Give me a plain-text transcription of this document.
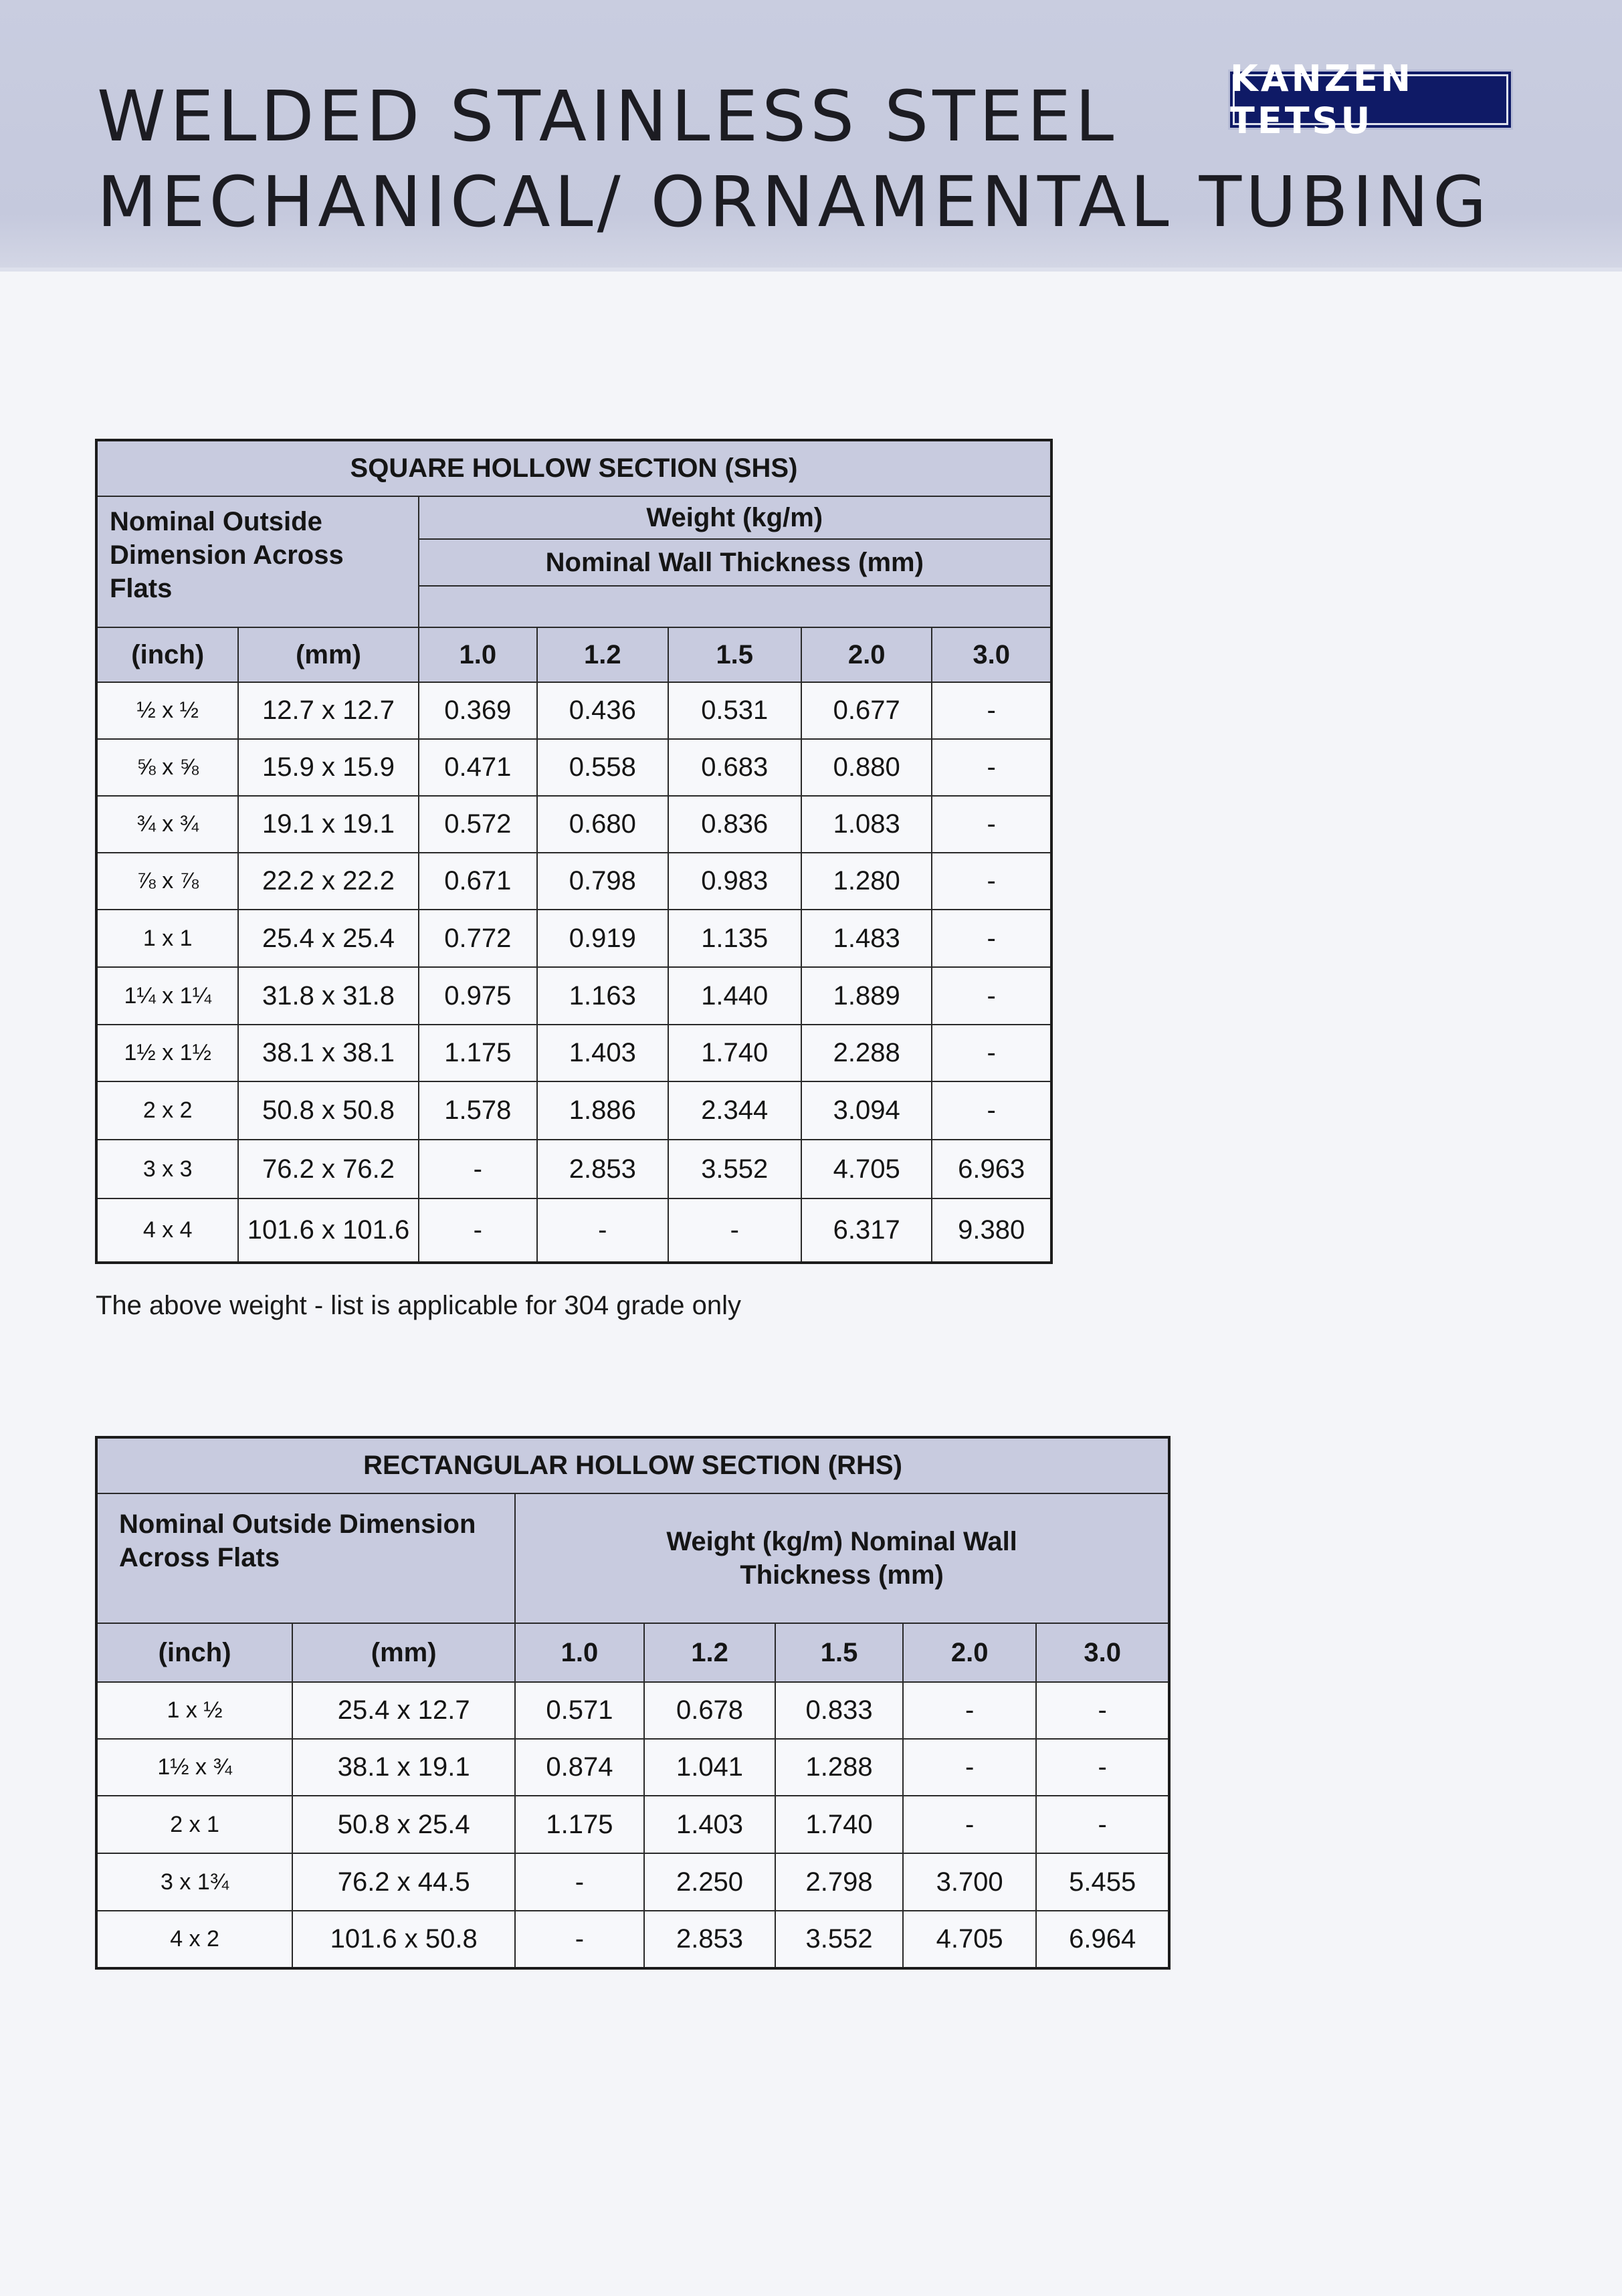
WELDED STAINLESS STEEL
MECHANICAL/ ORNAMENTAL TUBING
KANZEN TETSU
SQUARE HOLLOW SECTION (SHS)						
Nominal Outside Dimension Across Flats		Weight (kg/m)				
		Nominal Wall Thickness (mm)				

(inch)	(mm)	1.0	1.2	1.5	2.0	3.0
½ x ½	12.7 x 12.7	0.369	0.436	0.531	0.677	-
⅝ x ⅝	15.9 x 15.9	0.471	0.558	0.683	0.880	-
¾ x ¾	19.1 x 19.1	0.572	0.680	0.836	1.083	-
⅞ x ⅞	22.2 x 22.2	0.671	0.798	0.983	1.280	-
1 x 1	25.4 x 25.4	0.772	0.919	1.135	1.483	-
1¼ x 1¼	31.8 x 31.8	0.975	1.163	1.440	1.889	-
1½ x 1½	38.1 x 38.1	1.175	1.403	1.740	2.288	-
2 x 2	50.8 x 50.8	1.578	1.886	2.344	3.094	-
3 x 3	76.2 x 76.2	-	2.853	3.552	4.705	6.963
4 x 4	101.6 x 101.6	-	-	-	6.317	9.380
The above weight - list is applicable for 304 grade only
RECTANGULAR HOLLOW SECTION (RHS)						
Nominal Outside Dimension Across Flats		Weight (kg/m) Nominal Wall Thickness (mm)				
(inch)	(mm)	1.0	1.2	1.5	2.0	3.0
1 x ½	25.4 x 12.7	0.571	0.678	0.833	-	-
1½ x ¾	38.1 x 19.1	0.874	1.041	1.288	-	-
2 x 1	50.8 x 25.4	1.175	1.403	1.740	-	-
3 x 1¾	76.2 x 44.5	-	2.250	2.798	3.700	5.455
4 x 2	101.6 x 50.8	-	2.853	3.552	4.705	6.964
